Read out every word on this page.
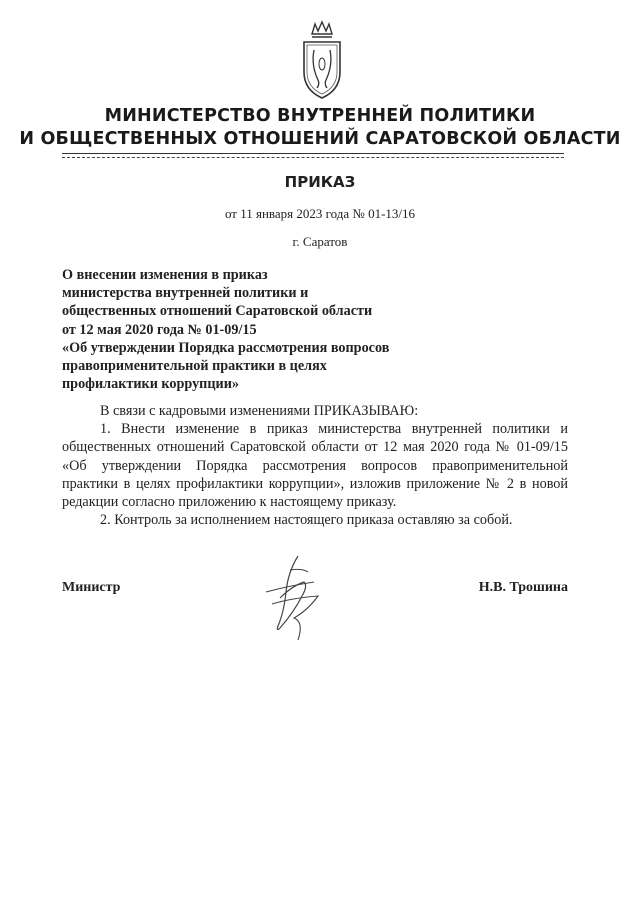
МИНИСТЕРСТВО ВНУТРЕННЕЙ ПОЛИТИКИ
И ОБЩЕСТВЕННЫХ ОТНОШЕНИЙ САРАТОВСКОЙ ОБЛАСТИ
ПРИКАЗ
от 11 января 2023 года № 01-13/16
г. Саратов
О внесении изменения в приказ
министерства внутренней политики и
общественных отношений Саратовской области
от 12 мая 2020 года № 01-09/15
«Об утверждении Порядка рассмотрения вопросов
правоприменительной практики в целях
профилактики коррупции»
В связи с кадровыми изменениями ПРИКАЗЫВАЮ:
1. Внести изменение в приказ министерства внутренней политики и
общественных отношений Саратовской области от 12 мая 2020 года № 01-09/15
«Об утверждении Порядка рассмотрения вопросов правоприменительной
практики в целях профилактики коррупции», изложив приложение № 2 в новой
редакции согласно приложению к настоящему приказу.
2. Контроль за исполнением настоящего приказа оставляю за собой.
Министр	Н.В. Трошина
